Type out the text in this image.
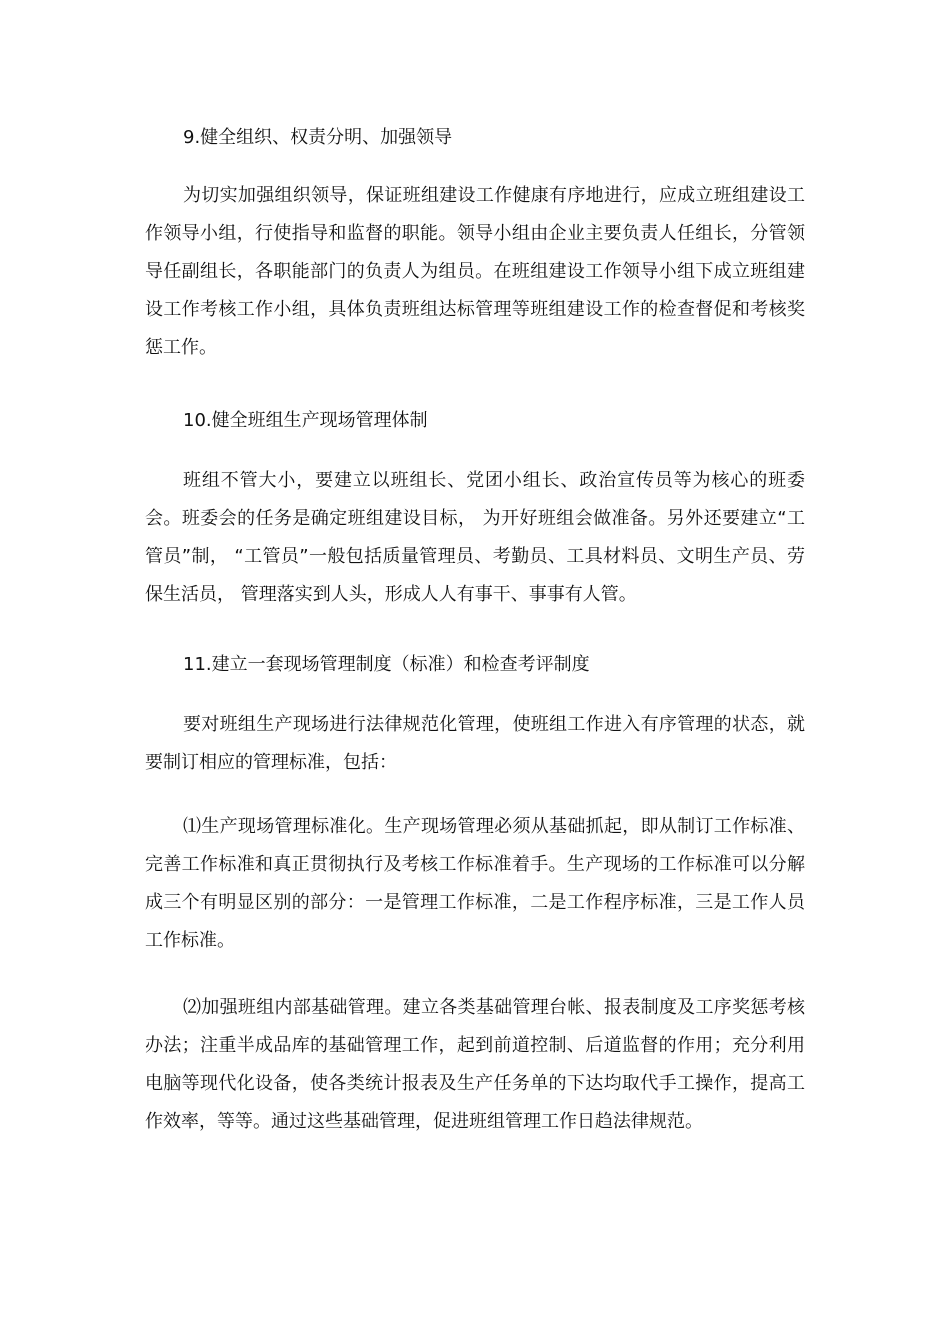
9.健全组织、权责分明、加强领导
为切实加强组织领导，保证班组建设工作健康有序地进行，应成立班组建设工作领导小组，行使指导和监督的职能。领导小组由企业主要负责人任组长，分管领导任副组长，各职能部门的负责人为组员。在班组建设工作领导小组下成立班组建设工作考核工作小组，具体负责班组达标管理等班组建设工作的检查督促和考核奖惩工作。
10.健全班组生产现场管理体制
班组不管大小，要建立以班组长、党团小组长、政治宣传员等为核心的班委会。班委会的任务是确定班组建设目标， 为开好班组会做准备。另外还要建立“工管员”制， “工管员”一般包括质量管理员、考勤员、工具材料员、文明生产员、劳保生活员， 管理落实到人头，形成人人有事干、事事有人管。
11.建立一套现场管理制度（标准）和检查考评制度
要对班组生产现场进行法律规范化管理，使班组工作进入有序管理的状态，就要制订相应的管理标准，包括：
⑴生产现场管理标准化。生产现场管理必须从基础抓起，即从制订工作标准、完善工作标准和真正贯彻执行及考核工作标准着手。生产现场的工作标准可以分解成三个有明显区别的部分：一是管理工作标准，二是工作程序标准，三是工作人员工作标准。
⑵加强班组内部基础管理。建立各类基础管理台帐、报表制度及工序奖惩考核办法；注重半成品库的基础管理工作，起到前道控制、后道监督的作用；充分利用电脑等现代化设备，使各类统计报表及生产任务单的下达均取代手工操作，提高工作效率，等等。通过这些基础管理，促进班组管理工作日趋法律规范。
